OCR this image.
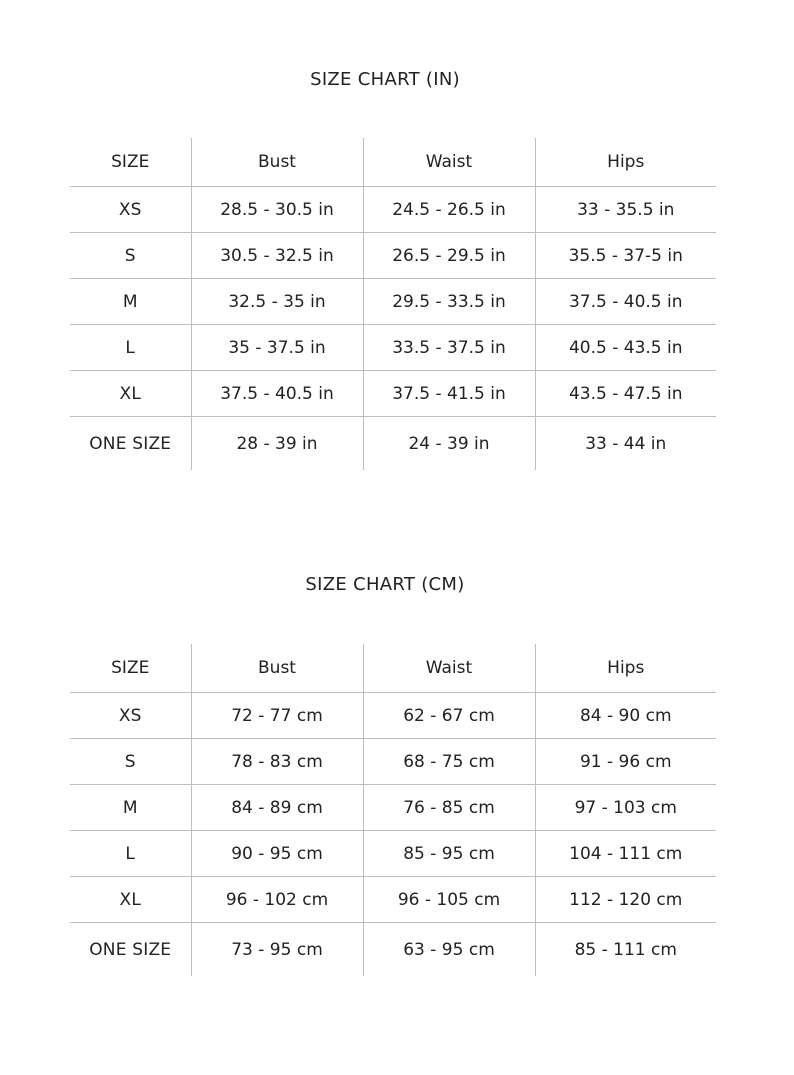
SIZE CHART (IN)
SIZE	Bust	Waist	Hips
XS	28.5 - 30.5 in	24.5 - 26.5 in	33 - 35.5 in
S	30.5 - 32.5 in	26.5 - 29.5 in	35.5 - 37-5 in
M	32.5 - 35 in	29.5 - 33.5 in	37.5 - 40.5 in
L	35 - 37.5 in	33.5 - 37.5 in	40.5 - 43.5 in
XL	37.5 - 40.5 in	37.5 - 41.5 in	43.5 - 47.5 in
ONE SIZE	28 - 39 in	24 - 39 in	33 - 44 in
SIZE CHART (CM)
SIZE	Bust	Waist	Hips
XS	72 - 77 cm	62 - 67 cm	84 - 90 cm
S	78 - 83 cm	68 - 75 cm	91 - 96 cm
M	84 - 89 cm	76 - 85 cm	97 - 103 cm
L	90 - 95 cm	85 - 95 cm	104 - 111 cm
XL	96 - 102 cm	96 - 105 cm	112 - 120 cm
ONE SIZE	73 - 95 cm	63 - 95 cm	85 - 111 cm
